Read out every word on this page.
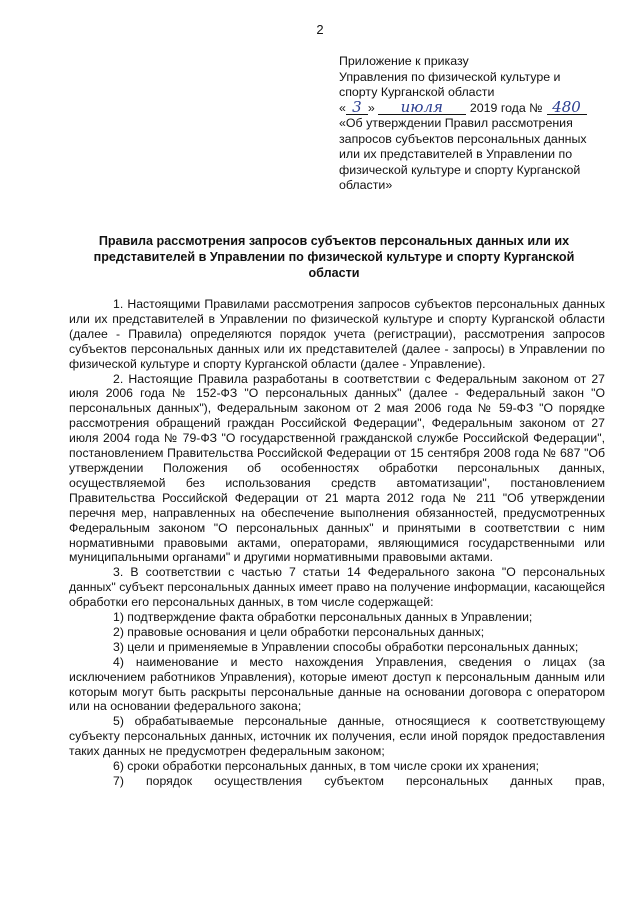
2
Приложение к приказу
Управления по физической культуре и
спорту Курганской области
« 3 »	июля	2019 года № 480
«Об утверждении Правил рассмотрения запросов субъектов персональных данных или их представителей в Управлении по физической культуре и спорту Курганской области»
Правила рассмотрения запросов субъектов персональных данных или их представителей в Управлении по физической культуре и спорту Курганской области

1. Настоящими Правилами рассмотрения запросов субъектов персональных данных или их представителей в Управлении по физической культуре и спорту Курганской области (далее - Правила) определяются порядок учета (регистрации), рассмотрения запросов субъектов персональных данных или их представителей (далее - запросы) в Управлении по физической культуре и спорту Курганской области (далее - Управление).

2. Настоящие Правила разработаны в соответствии с Федеральным законом от 27 июля 2006 года № 152-ФЗ "О персональных данных" (далее - Федеральный закон "О персональных данных"), Федеральным законом от 2 мая 2006 года № 59-ФЗ "О порядке рассмотрения обращений граждан Российской Федерации", Федеральным законом от 27 июля 2004 года № 79-ФЗ "О государственной гражданской службе Российской Федерации", постановлением Правительства Российской Федерации от 15 сентября 2008 года № 687 "Об утверждении Положения об особенностях обработки персональных данных, осуществляемой без использования средств автоматизации", постановлением Правительства Российской Федерации от 21 марта 2012 года № 211 "Об утверждении перечня мер, направленных на обеспечение выполнения обязанностей, предусмотренных Федеральным законом "О персональных данных" и принятыми в соответствии с ним нормативными правовыми актами, операторами, являющимися государственными или муниципальными органами" и другими нормативными правовыми актами.

3. В соответствии с частью 7 статьи 14 Федерального закона "О персональных данных" субъект персональных данных имеет право на получение информации, касающейся обработки его персональных данных, в том числе содержащей:

1) подтверждение факта обработки персональных данных в Управлении;

2) правовые основания и цели обработки персональных данных;

3) цели и применяемые в Управлении способы обработки персональных данных;

4) наименование и место нахождения Управления, сведения о лицах (за исключением работников Управления), которые имеют доступ к персональным данным или которым могут быть раскрыты персональные данные на основании договора с оператором или на основании федерального закона;

5) обрабатываемые персональные данные, относящиеся к соответствующему субъекту персональных данных, источник их получения, если иной порядок предоставления таких данных не предусмотрен федеральным законом;

6) сроки обработки персональных данных, в том числе сроки их хранения;

7) порядок осуществления субъектом персональных данных прав,
